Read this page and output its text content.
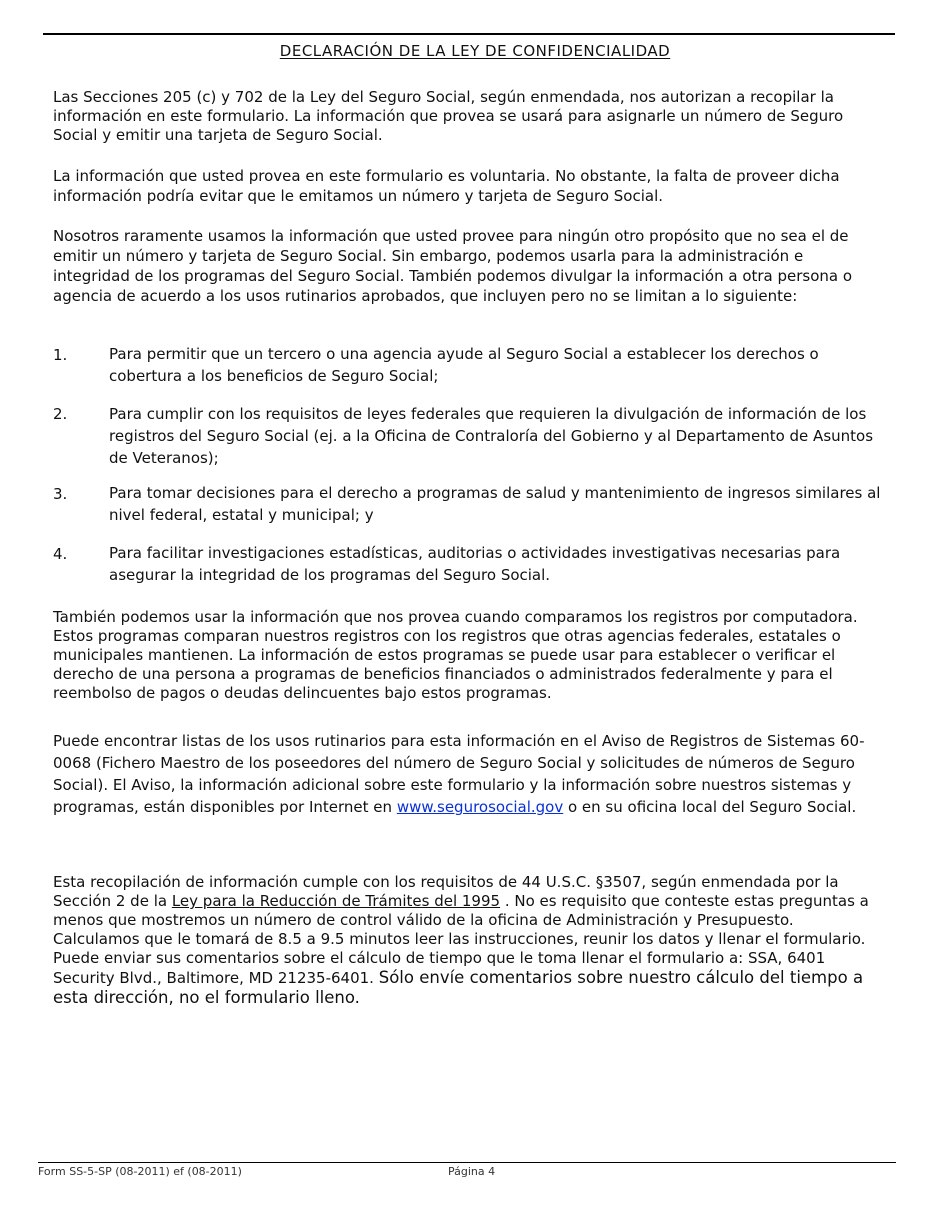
DECLARACIÓN DE LA LEY DE CONFIDENCIALIDAD

Las Secciones 205 (c) y 702 de la Ley del Seguro Social, según enmendada, nos autorizan a recopilar la información en este formulario. La información que provea se usará para asignarle un número de Seguro Social y emitir una tarjeta de Seguro Social.

La información que usted provea en este formulario es voluntaria. No obstante, la falta de proveer dicha información podría evitar que le emitamos un número y tarjeta de Seguro Social.

Nosotros raramente usamos la información que usted provee para ningún otro propósito que no sea el de emitir un número y tarjeta de Seguro Social. Sin embargo, podemos usarla para la administración e integridad de los programas del Seguro Social. También podemos divulgar la información a otra persona o agencia de acuerdo a los usos rutinarios aprobados, que incluyen pero no se limitan a lo siguiente:

1.	Para permitir que un tercero o una agencia ayude al Seguro Social a establecer los derechos o cobertura a los beneficios de Seguro Social;
2.	Para cumplir con los requisitos de leyes federales que requieren la divulgación de información de los registros del Seguro Social (ej. a la Oficina de Contraloría del Gobierno y al Departamento de Asuntos de Veteranos);
3.	Para tomar decisiones para el derecho a programas de salud y mantenimiento de ingresos similares al nivel federal, estatal y municipal; y
4.	Para facilitar investigaciones estadísticas, auditorias o actividades investigativas necesarias para asegurar la integridad de los programas del Seguro Social.

También podemos usar la información que nos provea cuando comparamos los registros por computadora. Estos programas comparan nuestros registros con los registros que otras agencias federales, estatales o municipales mantienen. La información de estos programas se puede usar para establecer o verificar el derecho de una persona a programas de beneficios financiados o administrados federalmente y para el reembolso de pagos o deudas delincuentes bajo estos programas.

Puede encontrar listas de los usos rutinarios para esta información en el Aviso de Registros de Sistemas 60-0068 (Fichero Maestro de los poseedores del número de Seguro Social y solicitudes de números de Seguro Social). El Aviso, la información adicional sobre este formulario y la información sobre nuestros sistemas y programas, están disponibles por Internet en www.segurosocial.gov o en su oficina local del Seguro Social.

Esta recopilación de información cumple con los requisitos de 44 U.S.C. §3507, según enmendada por la Sección 2 de la Ley para la Reducción de Trámites del 1995 . No es requisito que conteste estas preguntas a menos que mostremos un número de control válido de la oficina de Administración y Presupuesto. Calculamos que le tomará de 8.5 a 9.5 minutos leer las instrucciones, reunir los datos y llenar el formulario. Puede enviar sus comentarios sobre el cálculo de tiempo que le toma llenar el formulario a: SSA, 6401 Security Blvd., Baltimore, MD 21235-6401. Sólo envíe comentarios sobre nuestro cálculo del tiempo a esta dirección, no el formulario lleno.

Form SS-5-SP (08-2011) ef (08-2011)	Página 4
